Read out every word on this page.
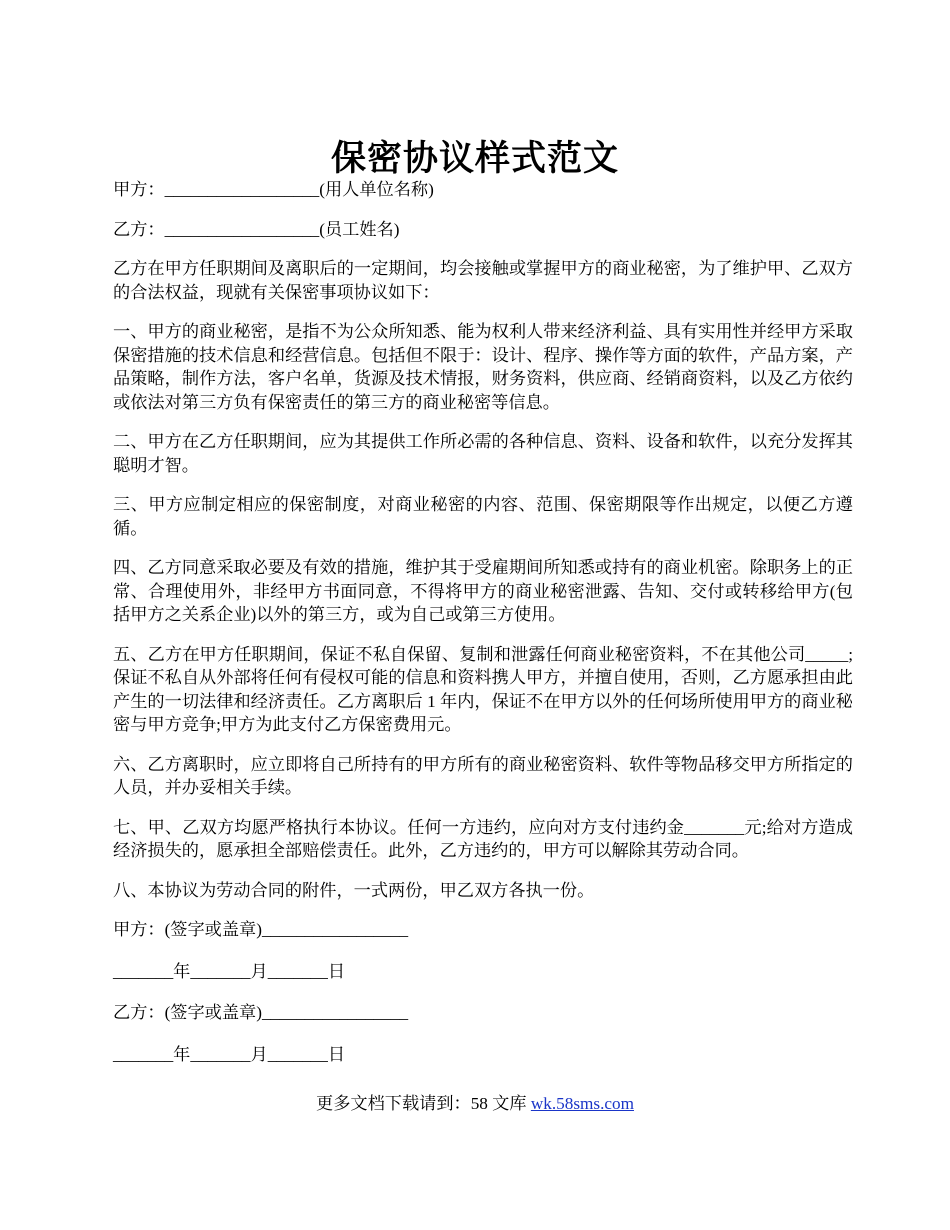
保密协议样式范文

甲方：__________________(用人单位名称)

乙方：__________________(员工姓名)

乙方在甲方任职期间及离职后的一定期间，均会接触或掌握甲方的商业秘密，为了维护甲、乙双方的合法权益，现就有关保密事项协议如下：

一、甲方的商业秘密，是指不为公众所知悉、能为权利人带来经济利益、具有实用性并经甲方采取保密措施的技术信息和经营信息。包括但不限于：设计、程序、操作等方面的软件，产品方案，产品策略，制作方法，客户名单，货源及技术情报，财务资料，供应商、经销商资料，以及乙方依约或依法对第三方负有保密责任的第三方的商业秘密等信息。

二、甲方在乙方任职期间，应为其提供工作所必需的各种信息、资料、设备和软件，以充分发挥其聪明才智。

三、甲方应制定相应的保密制度，对商业秘密的内容、范围、保密期限等作出规定，以便乙方遵循。

四、乙方同意采取必要及有效的措施，维护其于受雇期间所知悉或持有的商业机密。除职务上的正常、合理使用外，非经甲方书面同意，不得将甲方的商业秘密泄露、告知、交付或转移给甲方(包括甲方之关系企业)以外的第三方，或为自己或第三方使用。

五、乙方在甲方任职期间，保证不私自保留、复制和泄露任何商业秘密资料，不在其他公司_____;保证不私自从外部将任何有侵权可能的信息和资料携人甲方，并擅自使用，否则，乙方愿承担由此产生的一切法律和经济责任。乙方离职后 1 年内，保证不在甲方以外的任何场所使用甲方的商业秘密与甲方竞争;甲方为此支付乙方保密费用元。

六、乙方离职时，应立即将自己所持有的甲方所有的商业秘密资料、软件等物品移交甲方所指定的人员，并办妥相关手续。

七、甲、乙双方均愿严格执行本协议。任何一方违约，应向对方支付违约金_______元;给对方造成经济损失的，愿承担全部赔偿责任。此外，乙方违约的，甲方可以解除其劳动合同。

八、本协议为劳动合同的附件，一式两份，甲乙双方各执一份。

甲方：(签字或盖章)_________________

_______年_______月_______日

乙方：(签字或盖章)_________________

_______年_______月_______日

更多文档下载请到：58 文库 wk.58sms.com
